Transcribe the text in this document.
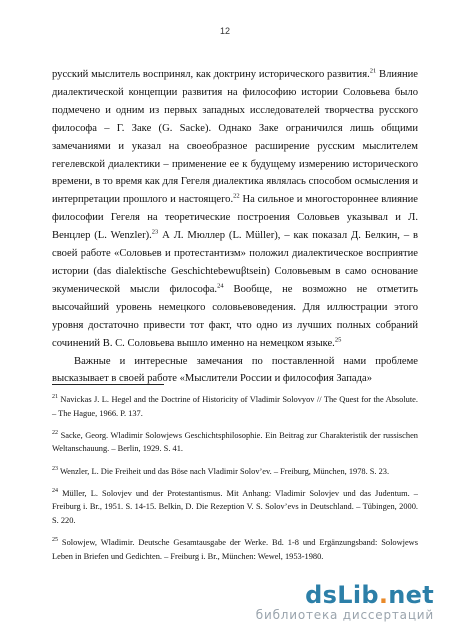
12

русский мыслитель воспринял, как доктрину исторического развития.$^{21}$ Влияние диалектической концепции развития на философию истории Соловьева было подмечено и одним из первых западных исследователей творчества русского философа – Г. Заке (G. Sacke). Однако Заке ограничился лишь общими замечаниями и указал на своеобразное расширение русским мыслителем гегелевской диалектики – применение ее к будущему измерению исторического времени, в то время как для Гегеля диалектика являлась способом осмысления и интерпретации прошлого и настоящего.$^{22}$ На сильное и многостороннее влияние философии Гегеля на теоретические построения Соловьев указывал и Л. Венцлер (L. Wenzler).$^{23}$ А Л. Мюллер (L. Müller), – как показал Д. Белкин, – в своей работе «Соловьев и протестантизм» положил диалектическое восприятие истории (das dialektische Geschichtebewuβtsein) Соловьевым в само основание экуменической мысли философа.$^{24}$ Вообще, не возможно не отметить высочайший уровень немецкого соловьевоведения. Для иллюстрации этого уровня достаточно привести тот факт, что одно из лучших полных собраний сочинений В. С. Соловьева вышло именно на немецком языке.$^{25}$

Важные и интересные замечания по поставленной нами проблеме высказывает в своей работе «Мыслители России и философия Запада»

$^{21}$ Navickas J. L. Hegel and the Doctrine of Historicity of Vladimir Solovyov // The Quest for the Absolute. – The Hague, 1966. P. 137.

$^{22}$ Sacke, Georg. Wladimir Solowjews Geschichtsphilosophie. Ein Beitrag zur Charakteristik der russischen Weltanschauung. – Berlin, 1929. S. 41.

$^{23}$ Wenzler, L. Die Freiheit und das Böse nach Vladimir Solov’ev. – Freiburg, München, 1978. S. 23.

$^{24}$ Müller, L. Solovjev und der Protestantismus. Mit Anhang: Vladimir Solovjev und das Judentum. – Freiburg i. Br., 1951. S. 14-15. Belkin, D. Die Rezeption V. S. Solov’evs in Deutschland. – Tübingen, 2000. S. 220.

$^{25}$ Solowjew, Wladimir. Deutsche Gesamtausgabe der Werke. Bd. 1-8 und Ergänzungsband: Solowjews Leben in Briefen und Gedichten. – Freiburg i. Br., München: Wewel, 1953-1980.

dsLib.net
библиотека диссертаций
